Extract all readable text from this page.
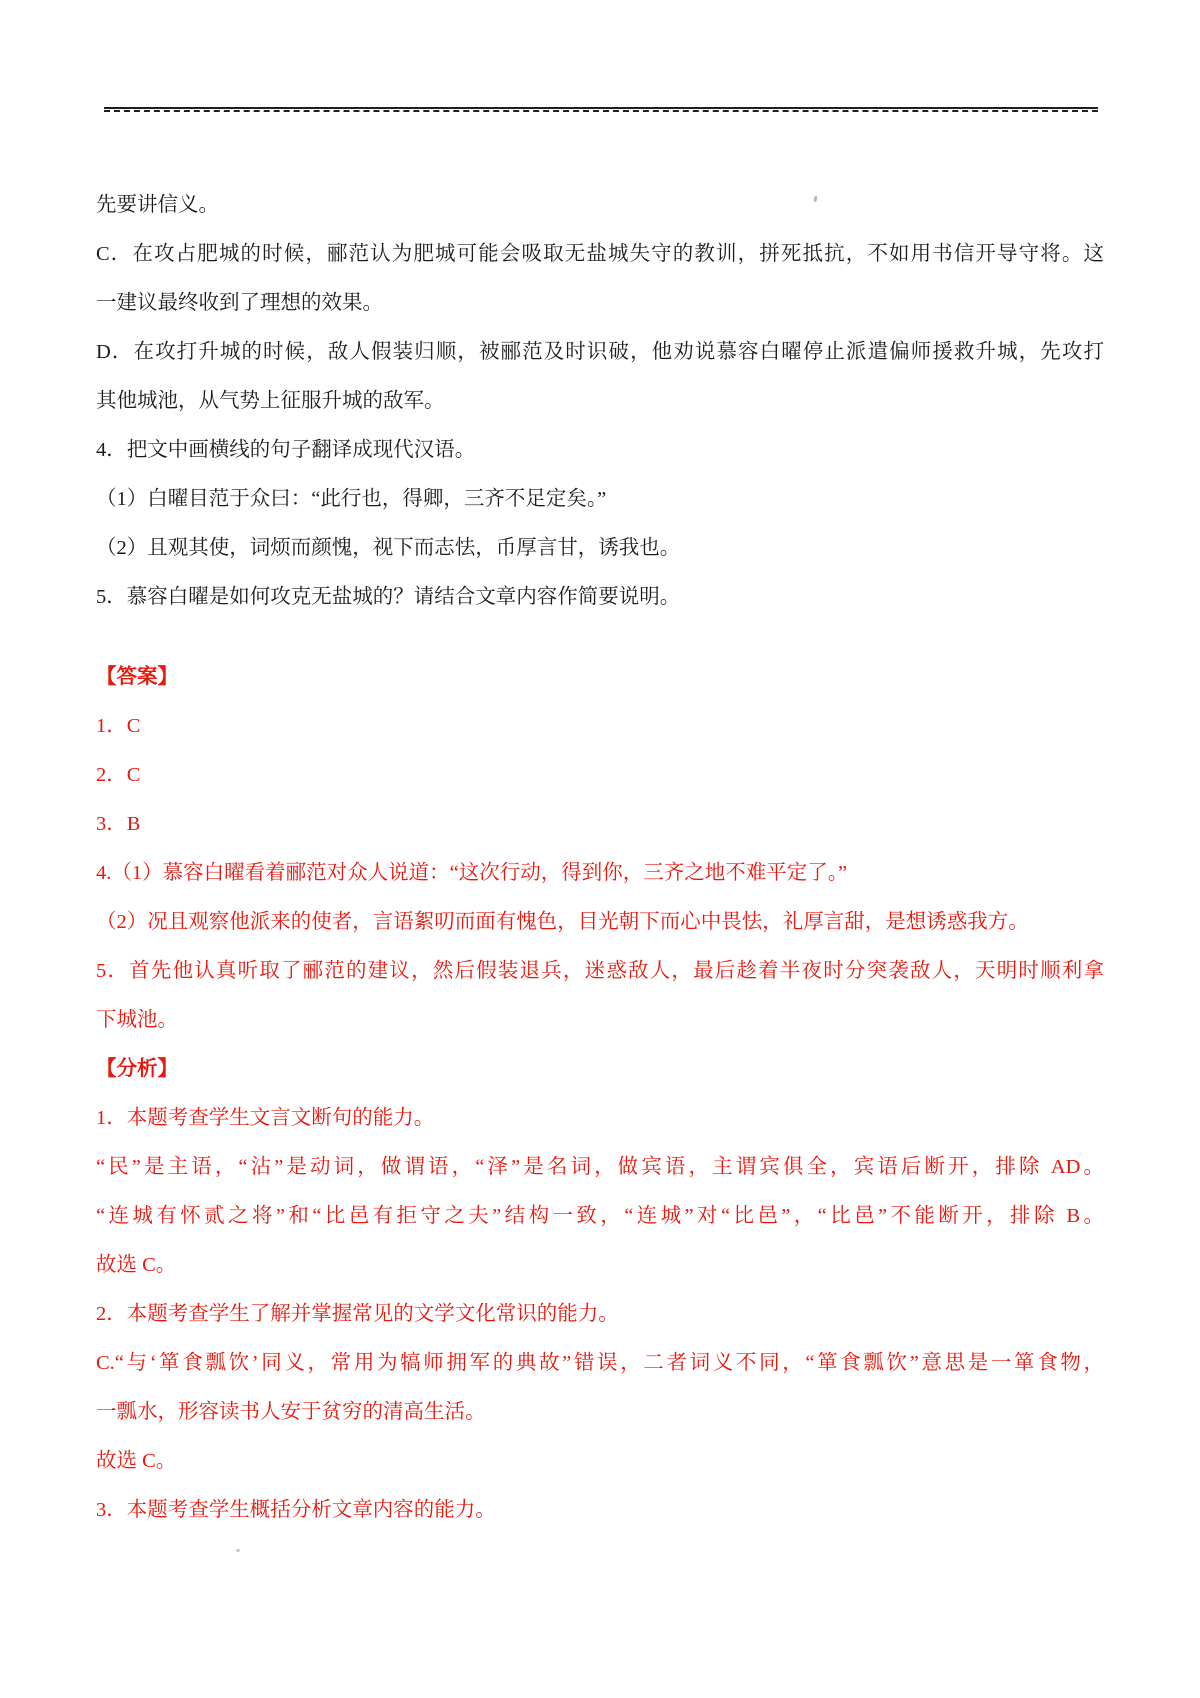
先要讲信义。
C．在攻占肥城的时候，郦范认为肥城可能会吸取无盐城失守的教训，拼死抵抗，不如用书信开导守将。这
一建议最终收到了理想的效果。
D．在攻打升城的时候，敌人假装归顺，被郦范及时识破，他劝说慕容白曜停止派遣偏师援救升城，先攻打
其他城池，从气势上征服升城的敌军。
4．把文中画横线的句子翻译成现代汉语。
（1）白曜目范于众曰：“此行也，得卿，三齐不足定矣。”
（2）且观其使，词烦而颜愧，视下而志怯，币厚言甘，诱我也。
5．慕容白曜是如何攻克无盐城的？请结合文章内容作简要说明。
【答案】
1．C
2．C
3．B
4.（1）慕容白曜看着郦范对众人说道：“这次行动，得到你，三齐之地不难平定了。”
（2）况且观察他派来的使者，言语絮叨而面有愧色，目光朝下而心中畏怯，礼厚言甜，是想诱惑我方。
5．首先他认真听取了郦范的建议，然后假装退兵，迷惑敌人，最后趁着半夜时分突袭敌人，天明时顺利拿
下城池。
【分析】
1．本题考查学生文言文断句的能力。
“民”是主语，“沾”是动词，做谓语，“泽”是名词，做宾语，主谓宾俱全，宾语后断开，排除 AD。
“连城有怀贰之将”和“比邑有拒守之夫”结构一致，“连城”对“比邑”，“比邑”不能断开，排除 B。
故选 C。
2．本题考查学生了解并掌握常见的文学文化常识的能力。
C.“与‘箪食瓢饮’同义，常用为犒师拥军的典故”错误，二者词义不同，“箪食瓢饮”意思是一箪食物，
一瓢水，形容读书人安于贫穷的清高生活。
故选 C。
3．本题考查学生概括分析文章内容的能力。
